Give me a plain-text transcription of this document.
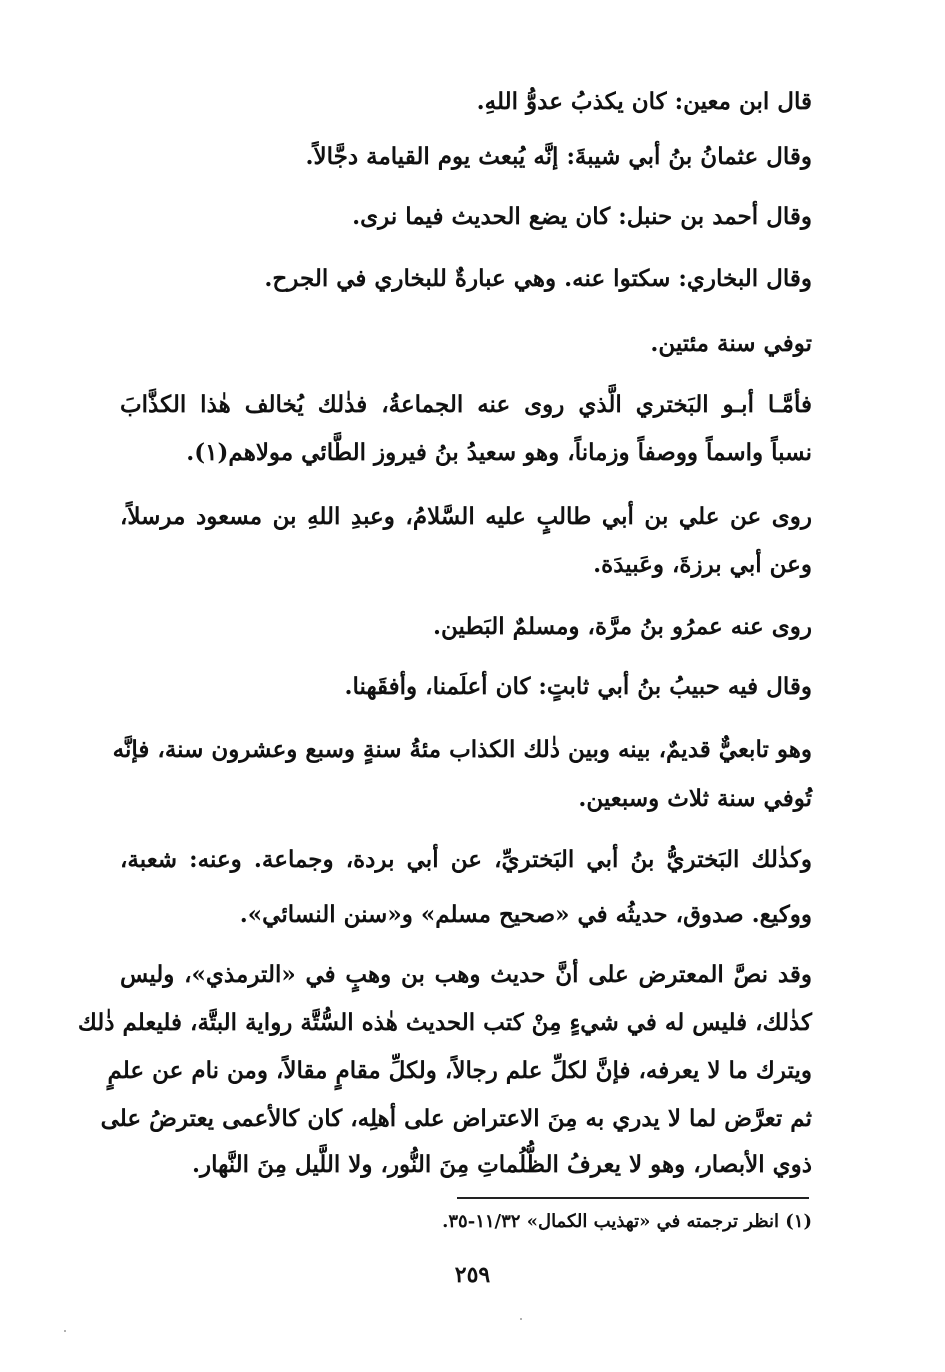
قال ابن معين: كان يكذبُ عدوُّ اللهِ.
وقال عثمانُ بنُ أبي شيبةَ: إنَّه يُبعث يوم القيامة دجَّالاً.
وقال أحمد بن حنبل: كان يضع الحديث فيما نرى.
وقال البخاري: سكتوا عنه. وهي عبارةٌ للبخاري في الجرح.
توفي سنة مئتين.
فأمَّـا أبـو البَختري الَّذي روى عنه الجماعةُ، فذٰلك يُخالف هٰذا الكذَّابَ
نسباً واسماً ووصفاً وزماناً، وهو سعيدُ بنُ فيروز الطَّائي مولاهم(١).
روى عن علي بن أبي طالبٍ عليه السَّلامُ، وعبدِ اللهِ بن مسعود مرسلاً،
وعن أبي برزةَ، وعَبيدَة.
روى عنه عمرُو بنُ مرَّة، ومسلمٌ البَطين.
وقال فيه حبيبُ بنُ أبي ثابتٍ: كان أعلَمنا، وأفقَهنا.
وهو تابعيٌّ قديمٌ، بينه وبين ذٰلك الكذاب مئةُ سنةٍ وسبع وعشرون سنة، فإنَّه
تُوفي سنة ثلاث وسبعين.
وكذٰلك البَختريُّ بنُ أبي البَختريِّ، عن أبي بردة، وجماعة. وعنه: شعبة،
ووكيع. صدوق، حديثُه في «صحيح مسلم» و«سنن النسائي».
وقد نصَّ المعترض على أنَّ حديث وهب بن وهبٍ في «الترمذي»، وليس
كذٰلك، فليس له في شيءٍ مِنْ كتب الحديث هٰذه السُّتَّة رواية البتَّة، فليعلم ذٰلك
ويترك ما لا يعرفه، فإنَّ لكلِّ علم رجالاً، ولكلِّ مقامٍ مقالاً، ومن نام عن علمٍ
ثم تعرَّض لما لا يدري به مِنَ الاعتراض على أهلِه، كان كالأعمى يعترضُ على
ذوي الأبصار، وهو لا يعرفُ الظُّلُماتِ مِنَ النُّور، ولا اللَّيل مِنَ النَّهار.
(١) انظر ترجمته في «تهذيب الكمال» ١١/٣٢-٣٥.
٢٥٩
